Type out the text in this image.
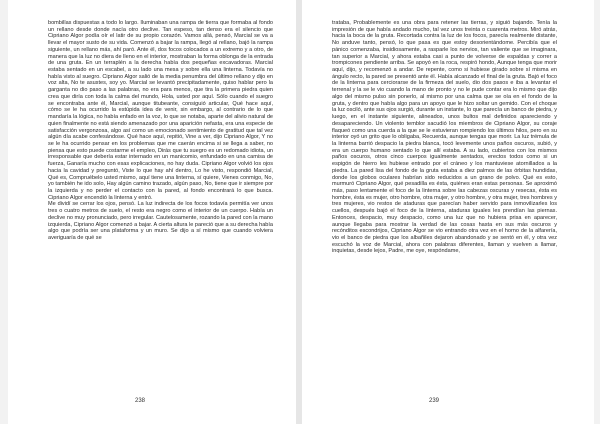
bombillas dispuestas a todo lo largo. Iluminaban una rampa de tierra que formaba al fondo un rellano desde donde nacía otro declive. Tan espeso, tan denso era el silencio que Cipriano Algor podía oír el latir de su propio corazón. Vamos allá, pensó, Marcial se va a llevar el mayor susto de su vida. Comenzó a bajar la rampa, llegó al rellano, bajó la rampa siguiente, un rellano más, ahí paró. Ante él, dos focos colocados a un extremo y a otro, de manera que la luz no diera de lleno en el interior, mostraban la forma oblonga de la entrada de una gruta. En un terraplén a la derecha había dos pequeñas excavadoras. Marcial estaba sentado en un escabel, a su lado una mesa y sobre ella una linterna. Todavía no había visto al suegro. Cipriano Algor salió de la media penumbra del último rellano y dijo en voz alta, No te asustes, soy yo. Marcial se levantó precipitadamente, quiso hablar pero la garganta no dio paso a las palabras, no era para menos, que tira la primera piedra quien crea que diría con toda la calma del mundo, Hola, usted por aquí. Sólo cuando el suegro se encontraba ante él, Marcial, aunque titubeante, consiguió articular, Qué hace aquí, cómo se le ha ocurrido la estúpida idea de venir, sin embargo, al contrario de lo que mandaría la lógica, no había enfado en la voz, lo que se notaba, aparte del alivio natural de quien finalmente no está siendo amenazado por una aparición nefasta, era una especie de satisfacción vergonzosa, algo así como un emocionado sentimiento de gratitud que tal vez algún día acabe confesándose. Qué hace aquí, repitió, Vine a ver, dijo Cipriano Algor, Y no se le ha ocurrido pensar en los problemas que me caerán encima si se llega a saber, no piensa que esto puede costarme el empleo, Dirás que tu suegro es un redomado idiota, un irresponsable que debería estar internado en un manicomio, enfundado en una camisa de fuerza, Ganaría mucho con esas explicaciones, no hay duda. Cipriano Algor volvió los ojos hacia la cavidad y preguntó, Viste lo que hay ahí dentro, Lo he visto, respondió Marcial, Qué es, Compruébelo usted mismo, aquí tiene una linterna, sí quiere, Vienes conmigo, No, yo también he ido solo, Hay algún camino trazado, algún paso, No, tiene que ir siempre por la izquierda y no perder el contacto con la pared, al fondo encontrará lo que busca. Cipriano Algor encendió la linterna y entró.

Me dividí se cerrar los ojos, pensó. La luz indirecta de los focos todavía permitía ver unos tres o cuatro metros de suelo, el resto era negro como el interior de un cuerpo. Había un declive no muy pronunciado, pero irregular. Cautelosamente, rozando la pared con la mano izquierda, Cipriano Algor comenzó a bajar. A cierta altura le pareció que a su derecha había algo que podría ser una plataforma y un muro. Se dijo a sí mismo que cuando volviera averiguaría de qué se

238

trataba, Probablemente es una obra para retener las tierras, y siguió bajando. Tenía la impresión de que había andado mucho, tal vez unos treinta o cuarenta metros. Miró atrás, hacia la boca de la gruta. Recortada contra la luz de los focos, parecía realmente distante, No anduve tanto, pensó, lo que pasa es que estoy desorientándome. Percibía que el pánico comenzaba, insidiosamente, a rasparle los nervios, tan valiente que se imaginara, tan superior a Marcial, y ahora estaba casi a punto de volverse de espaldas y correr a trompicones pendiente arriba. Se apoyó en la roca, respiró hondo, Aunque tenga que morir aquí, dijo, y recomenzó a andar. De repente, como si hubiese girado sobre sí misma en ángulo recto, la pared se presentó ante él. Había alcanzado el final de la gruta. Bajó el foco de la linterna para cerciorarse de la firmeza del suelo, dio dos pasos e iba a levantar el terrenal y la se le vio cuando la mano de pronto y no le pude contar era lo mismo que dijo algo del mismo pulso sin ponerlo, al mismo por una calma que se oía en el fondo de la gruta, y dentro que había algo para un apoyo que le hizo soltar un gemido. Con el choque la luz osciló, ante sus ojos surgió, durante un instante, lo que parecía un banco de piedra, y luego, en el instante siguiente, alineados, unos bultos mal definidos apareciendo y desapareciendo. Un violento temblor sacudió los miembros de Cipriano Algor, su coraje flaqueó como una cuerda a la que se le estuvieran rompiendo los últimos hilos, pero en su interior oyó un grito que lo obligaba, Recuerda, aunque tengas que morir. La luz trémula de la linterna barrió despacio la piedra blanca, tocó levemente unos paños oscuros, subió, y era un cuerpo humano sentado lo que allí estaba. A su lado, cubiertos con los mismos paños oscuros, otros cinco cuerpos igualmente sentados, erectos todos como si un espigón de hierro les hubiese entrado por el cráneo y los mantuviese atornillados a la piedra. La pared lisa del fondo de la gruta estaba a diez palmos de las órbitas hundidas, donde los globos oculares habrían sido reducidos a un grano de polvo. Qué es esto, murmuró Cipriano Algor, qué pesadilla es ésta, quiénes eran estas personas. Se aproximó más, paso lentamente el foco de la linterna sobre las cabezas oscuras y resecas, ésta es hombre, ésta es mujer, otro hombre, otra mujer, y otro hombre, y otra mujer, tres hombres y tres mujeres, vio restos de ataduras que parecían haber servido para inmovilizarles los cuellos, después bajó el foco de la linterna, ataduras iguales les prendían las piernas. Entonces, despacio, muy despacio, como una luz que no hubiera prisa en aparecer, aunque llegaba para mostrar la verdad de las cosas hasta en sus más oscuros y recónditos escondrijos, Cipriano Algor se vio entrando otra vez en el horno de la alfarería, vio el banco de piedra que los albañiles dejaron abandonado y se sentó en él, y otra vez escuchó la voz de Marcial, ahora con palabras diferentes, llaman y vuelven a llamar, inquietas, desde lejos, Padre, me oye, respóndame,

239
